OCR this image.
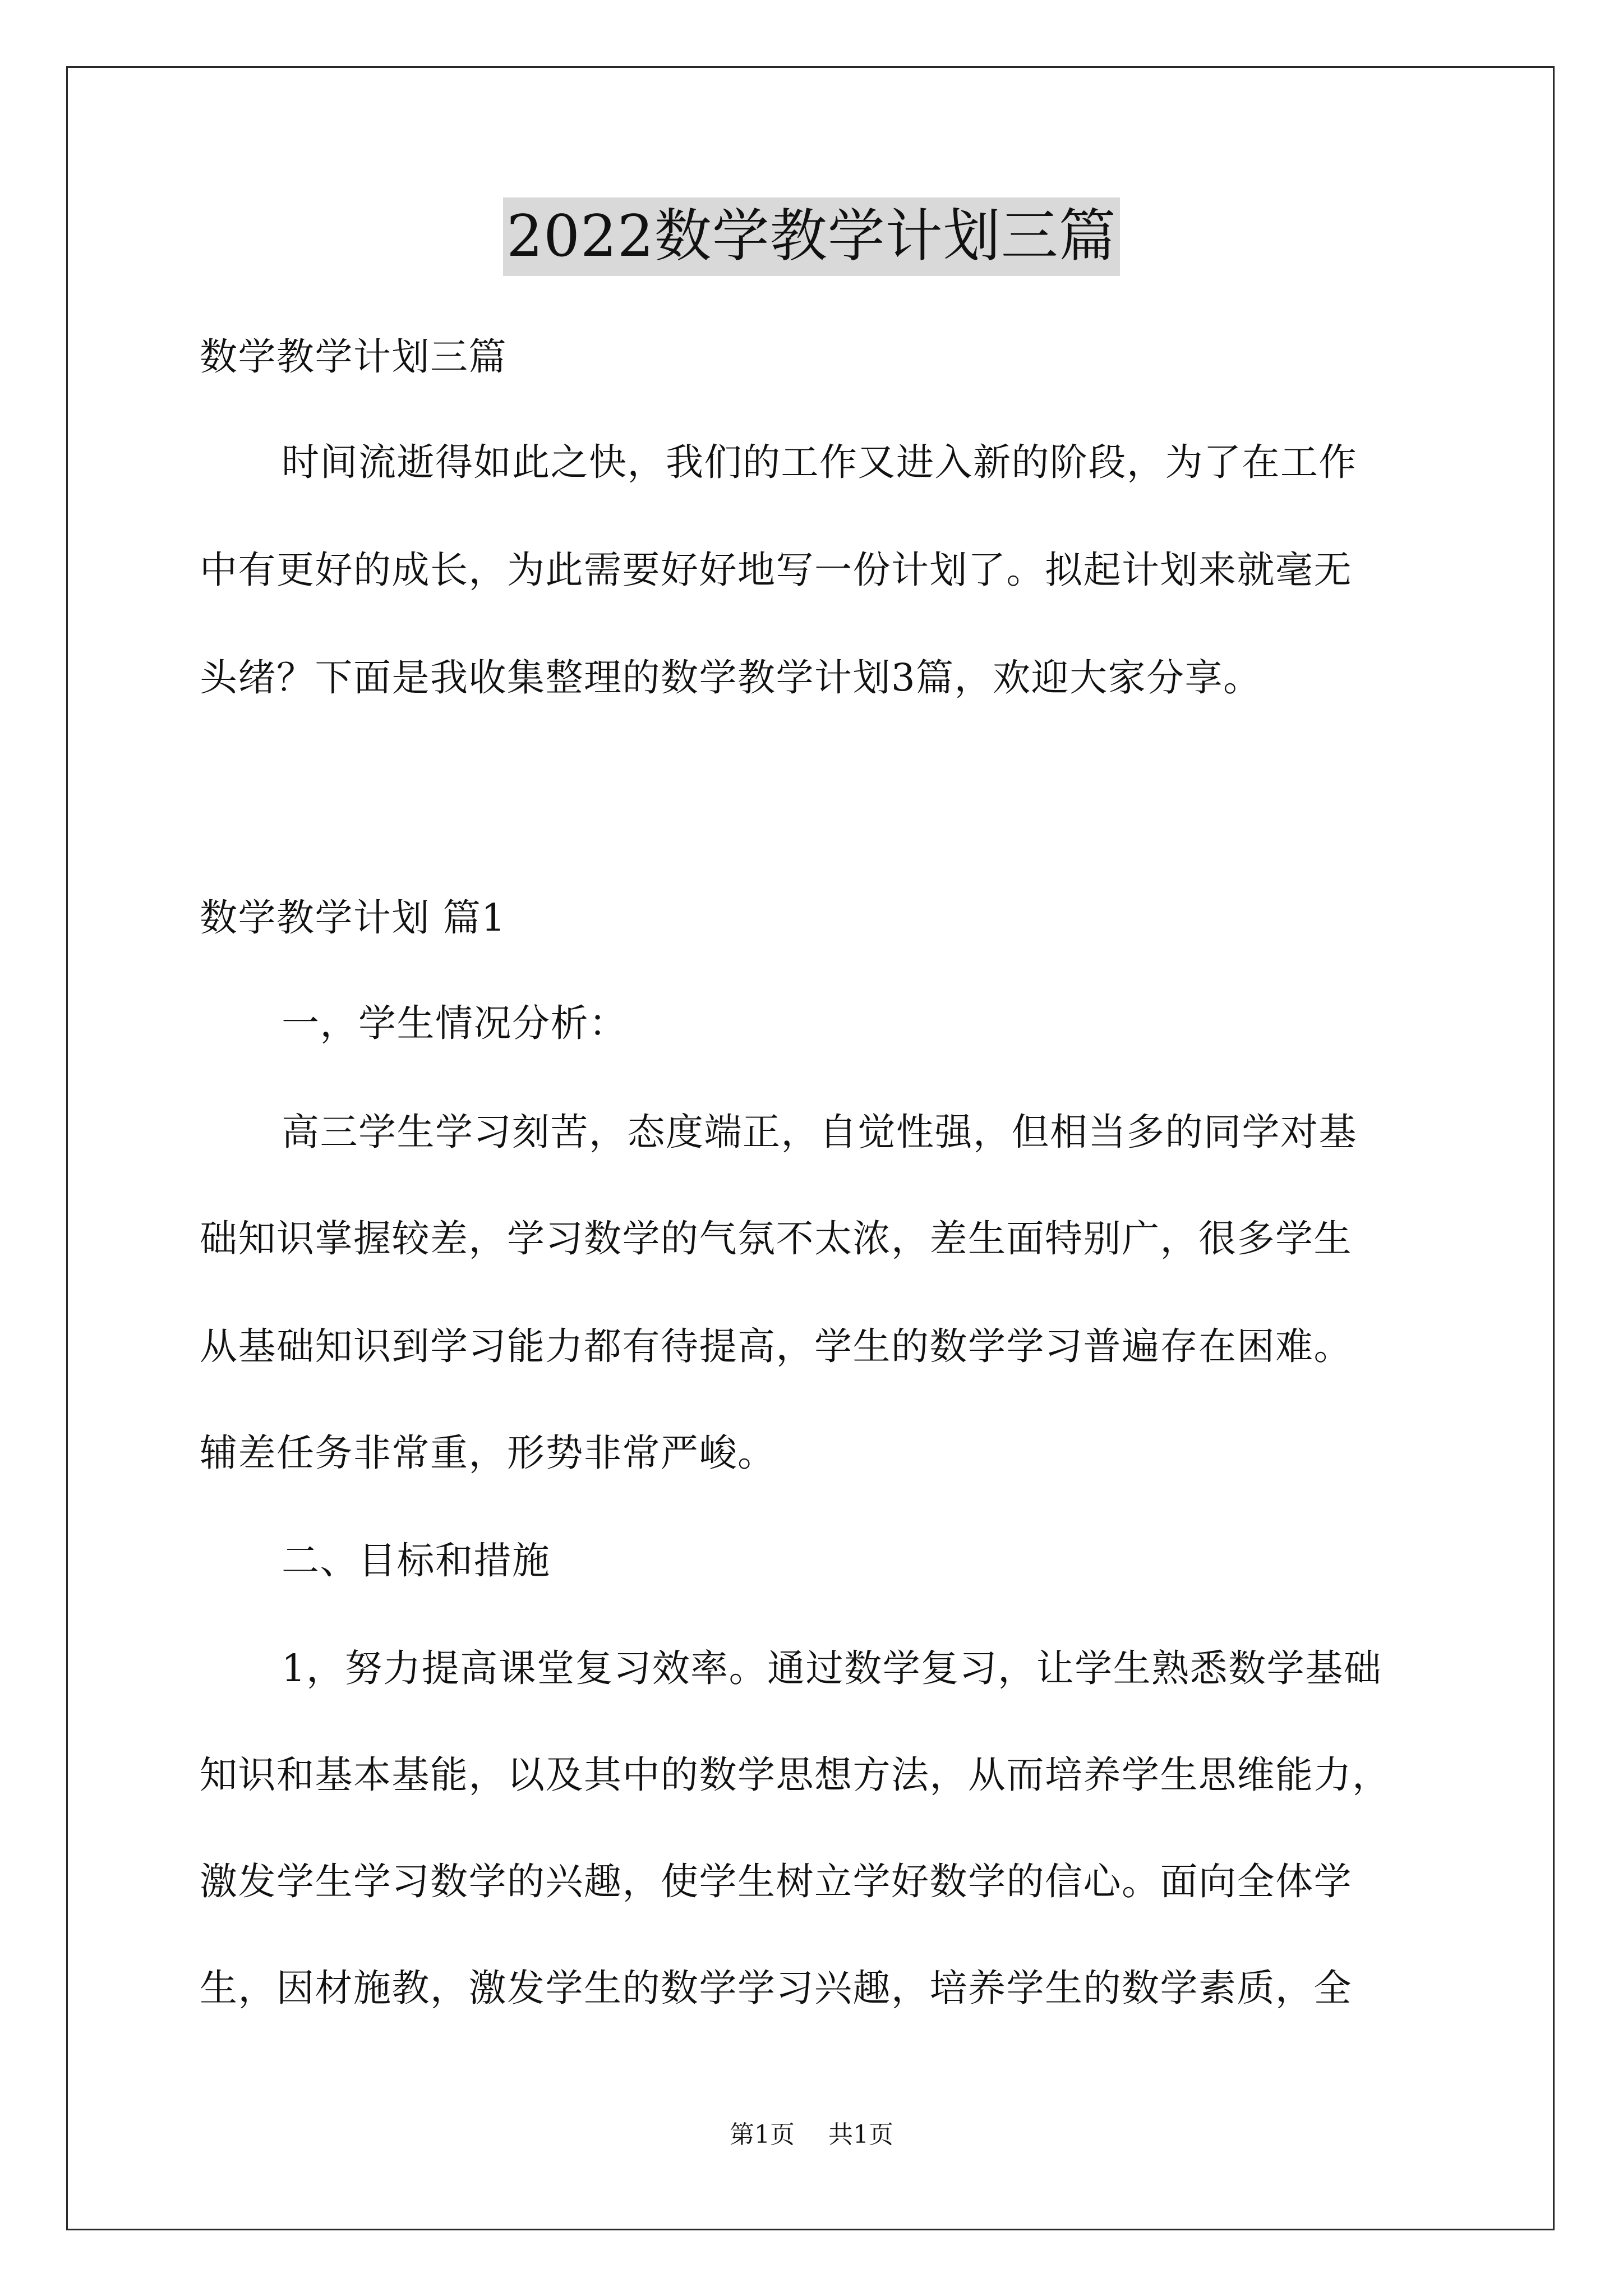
2022数学教学计划三篇

数学教学计划三篇

时间流逝得如此之快，我们的工作又进入新的阶段，为了在工作

中有更好的成长，为此需要好好地写一份计划了。拟起计划来就毫无

头绪？下面是我收集整理的数学教学计划3篇，欢迎大家分享。

数学教学计划 篇1

一，学生情况分析：

高三学生学习刻苦，态度端正，自觉性强，但相当多的同学对基

础知识掌握较差，学习数学的气氛不太浓，差生面特别广，很多学生

从基础知识到学习能力都有待提高，学生的数学学习普遍存在困难。

辅差任务非常重，形势非常严峻。

二、目标和措施

1，努力提高课堂复习效率。通过数学复习，让学生熟悉数学基础

知识和基本基能，以及其中的数学思想方法，从而培养学生思维能力，

激发学生学习数学的兴趣，使学生树立学好数学的信心。面向全体学

生，因材施教，激发学生的数学学习兴趣，培养学生的数学素质，全

第1页 共1页
